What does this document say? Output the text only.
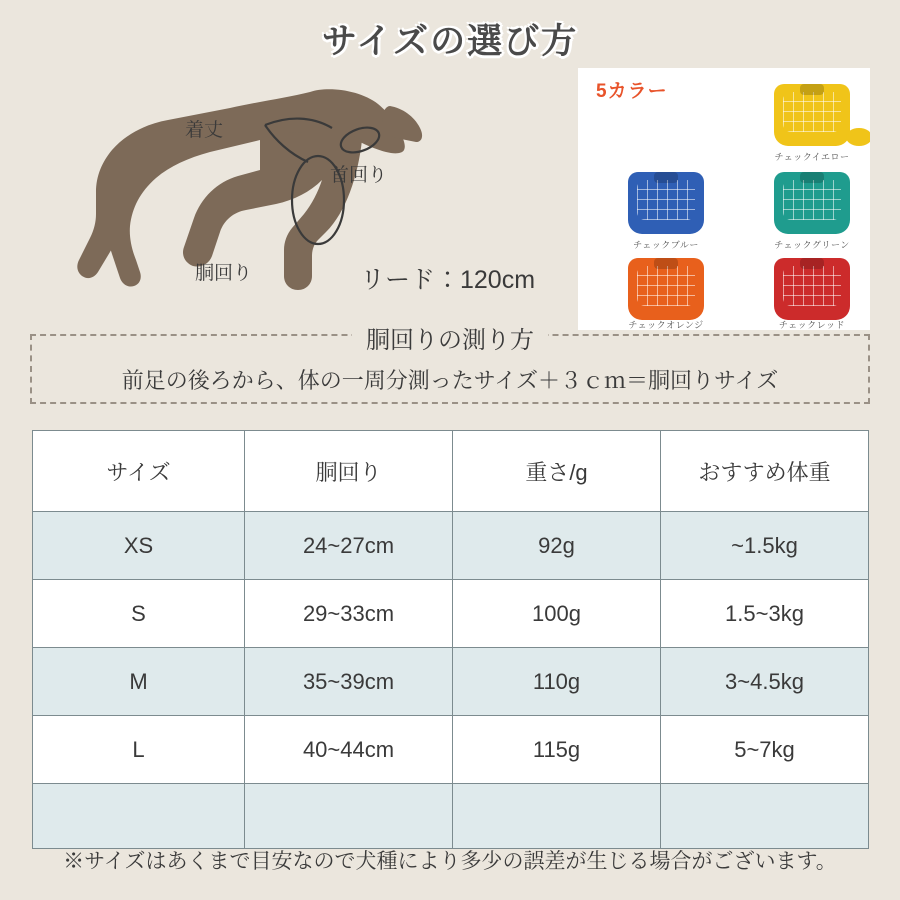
サイズの選び方
着丈
首回り
胴回り	リード：120cm
5カラー
チェックイエロー
チェックブルー	チェックグリーン
チェックオレンジ	チェックレッド
胴回りの測り方
前足の後ろから、体の一周分測ったサイズ＋３ｃｍ＝胴回りサイズ
サイズ	胴回り	重さ/g	おすすめ体重
XS	24~27cm	92g	~1.5kg
S	29~33cm	100g	1.5~3kg
M	35~39cm	110g	3~4.5kg
L	40~44cm	115g	5~7kg

※サイズはあくまで目安なので犬種により多少の誤差が生じる場合がございます。
